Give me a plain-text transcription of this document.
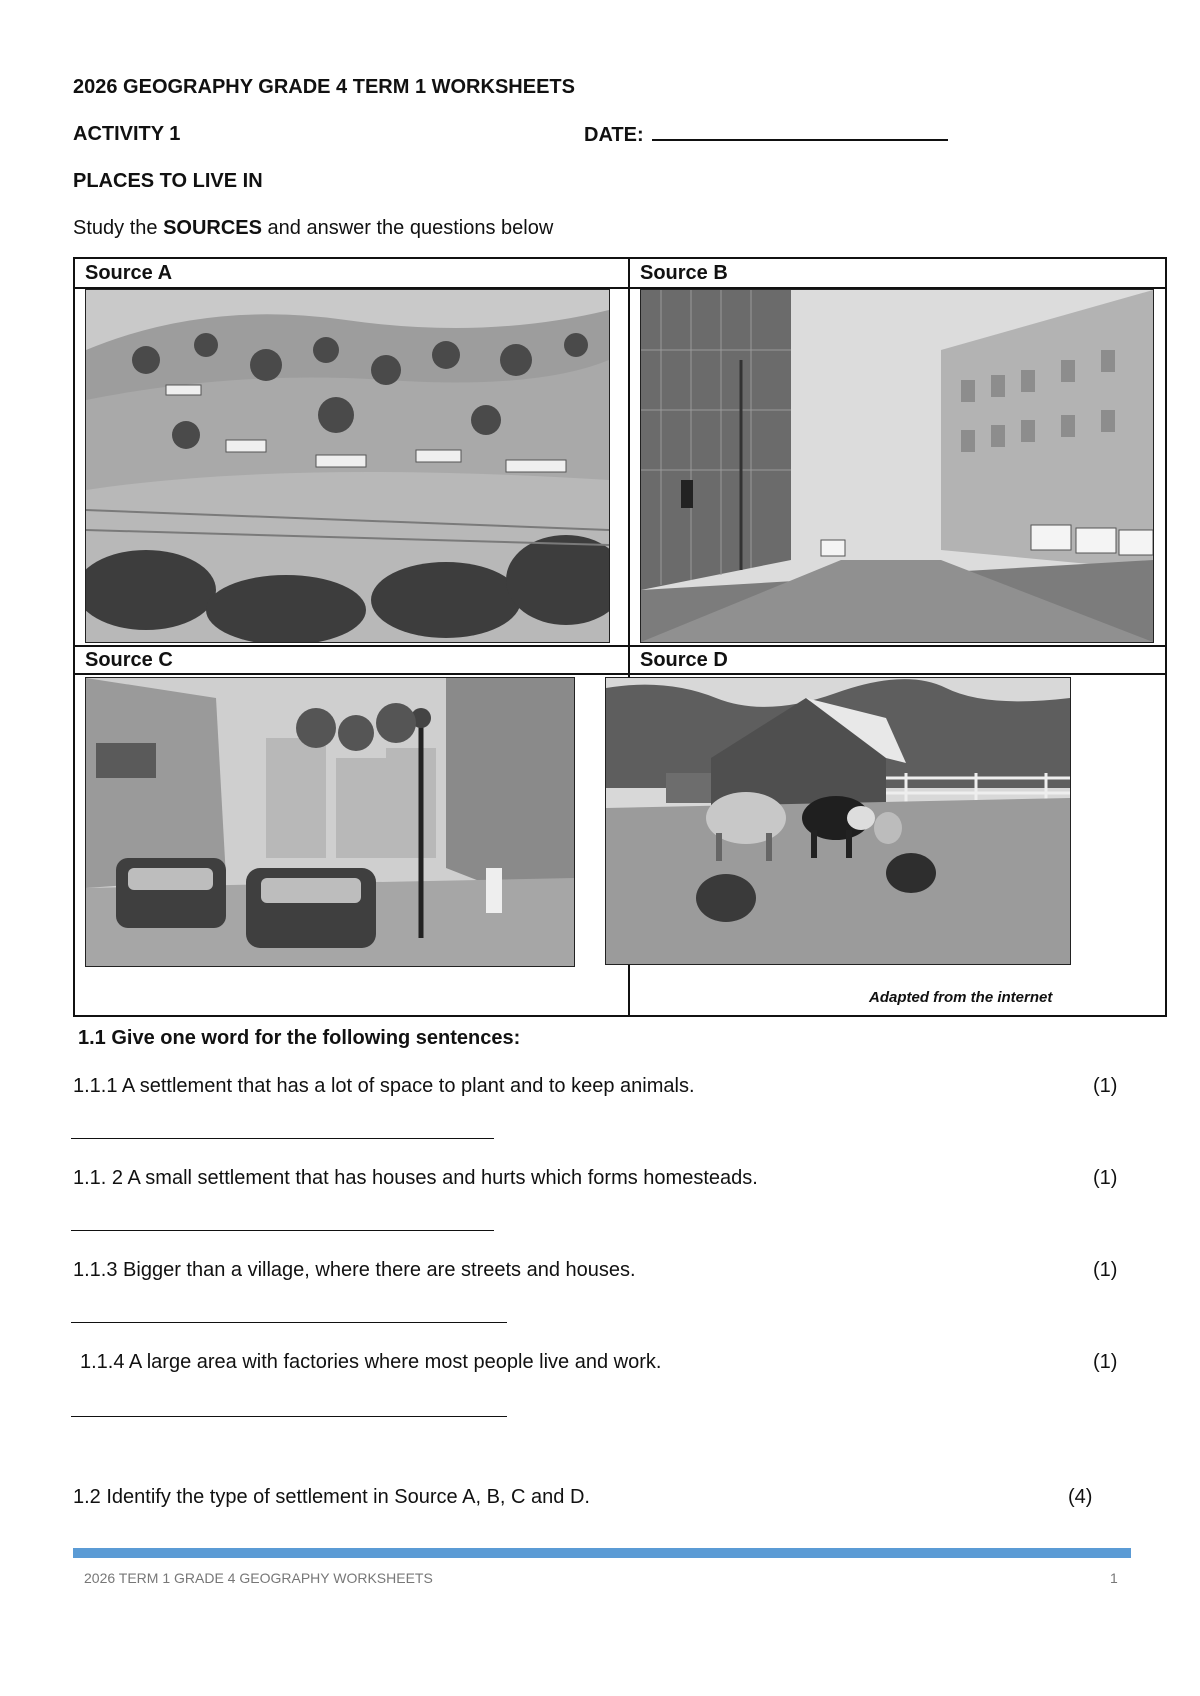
2026 GEOGRAPHY GRADE 4 TERM 1 WORKSHEETS
ACTIVITY 1	DATE:
PLACES TO LIVE IN
Study the SOURCES and answer the questions below
Source A	Source B
Source C	Source D
Adapted from the internet
1.1 Give one word for the following sentences:
1.1.1 A settlement that has a lot of space to plant and to keep animals.	(1)
1.1. 2 A small settlement that has houses and hurts which forms homesteads.	(1)
1.1.3 Bigger than a village, where there are streets and houses.	(1)
1.1.4 A large area with factories where most people live and work.	(1)
1.2 Identify the type of settlement in Source A, B, C and D.	(4)
2026 TERM 1 GRADE 4 GEOGRAPHY WORKSHEETS	1
